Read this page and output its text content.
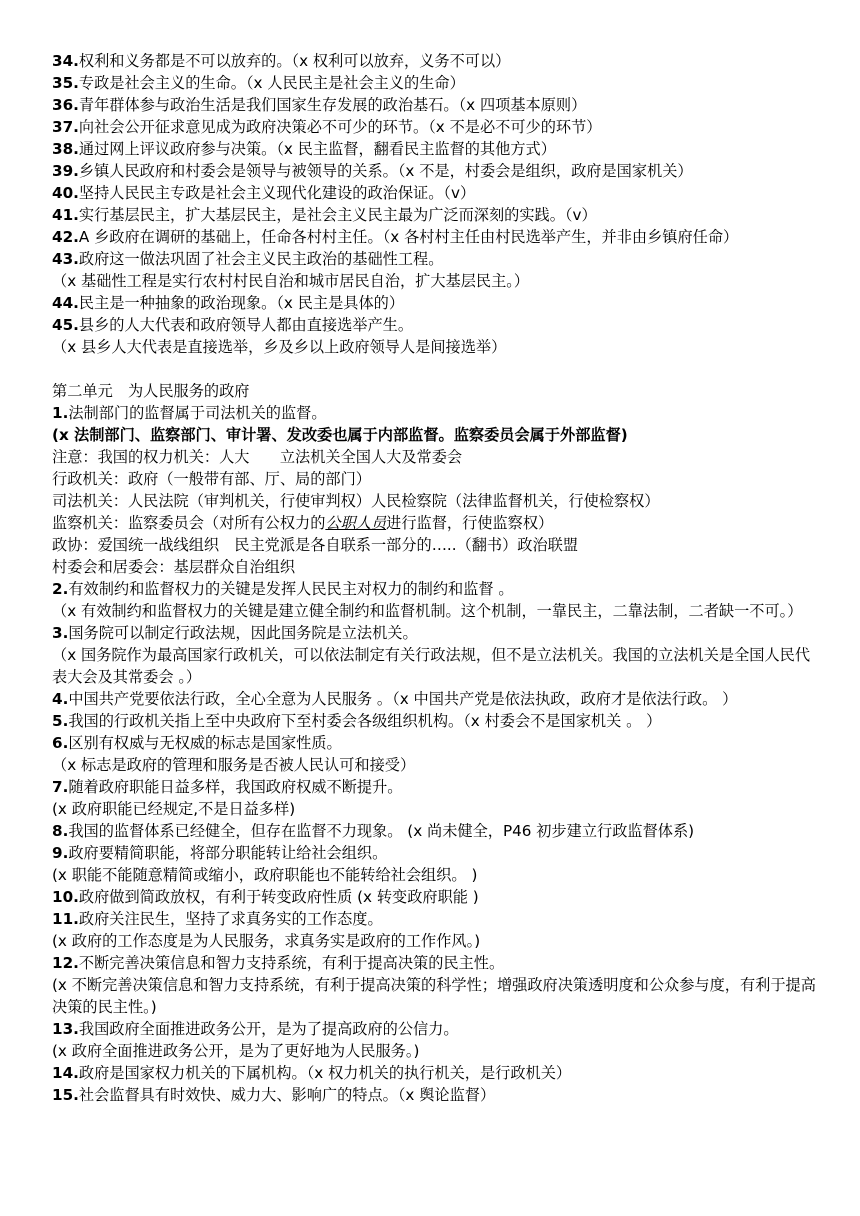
34.权利和义务都是不可以放弃的。（x 权利可以放弃，义务不可以）
35.专政是社会主义的生命。（x 人民民主是社会主义的生命）
36.青年群体参与政治生活是我们国家生存发展的政治基石。（x 四项基本原则）
37.向社会公开征求意见成为政府决策必不可少的环节。（x 不是必不可少的环节）
38.通过网上评议政府参与决策。（x 民主监督，翻看民主监督的其他方式）
39.乡镇人民政府和村委会是领导与被领导的关系。（x 不是，村委会是组织，政府是国家机关）
40.坚持人民民主专政是社会主义现代化建设的政治保证。（v）
41.实行基层民主，扩大基层民主，是社会主义民主最为广泛而深刻的实践。（v）
42.A 乡政府在调研的基础上，任命各村村主任。（x 各村村主任由村民选举产生，并非由乡镇府任命）
43.政府这一做法巩固了社会主义民主政治的基础性工程。
（x 基础性工程是实行农村村民自治和城市居民自治，扩大基层民主。）
44.民主是一种抽象的政治现象。（x 民主是具体的）
45.县乡的人大代表和政府领导人都由直接选举产生。
（x 县乡人大代表是直接选举，乡及乡以上政府领导人是间接选举）
第二单元　为人民服务的政府
1.法制部门的监督属于司法机关的监督。
(x 法制部门、监察部门、审计署、发改委也属于内部监督。监察委员会属于外部监督)
注意：我国的权力机关：人大　　立法机关全国人大及常委会
行政机关：政府（一般带有部、厅、局的部门）
司法机关：人民法院（审判机关，行使审判权）人民检察院（法律监督机关，行使检察权）
监察机关：监察委员会（对所有公权力的公职人员进行监督，行使监察权）
政协：爱国统一战线组织　民主党派是各自联系一部分的…..（翻书）政治联盟
村委会和居委会：基层群众自治组织
2.有效制约和监督权力的关键是发挥人民民主对权力的制约和监督 。
（x 有效制约和监督权力的关键是建立健全制约和监督机制。这个机制，一靠民主，二靠法制，二者缺一不可。）
3.国务院可以制定行政法规，因此国务院是立法机关。
（x 国务院作为最高国家行政机关，可以依法制定有关行政法规，但不是立法机关。我国的立法机关是全国人民代表大会及其常委会 。）
4.中国共产党要依法行政，全心全意为人民服务 。（x 中国共产党是依法执政，政府才是依法行政。 ）
5.我国的行政机关指上至中央政府下至村委会各级组织机构。（x 村委会不是国家机关 。 ）
6.区别有权威与无权威的标志是国家性质。
（x 标志是政府的管理和服务是否被人民认可和接受）
7.随着政府职能日益多样，我国政府权威不断提升。
(x 政府职能已经规定,不是日益多样)
8.我国的监督体系已经健全，但存在监督不力现象。 (x 尚未健全，P46 初步建立行政监督体系)
9.政府要精简职能，将部分职能转让给社会组织。
(x 职能不能随意精简或缩小，政府职能也不能转给社会组织。 )
10.政府做到简政放权，有利于转变政府性质 (x 转变政府职能 )
11.政府关注民生，坚持了求真务实的工作态度。
(x 政府的工作态度是为人民服务，求真务实是政府的工作作风。)
12.不断完善决策信息和智力支持系统，有利于提高决策的民主性。
(x 不断完善决策信息和智力支持系统，有利于提高决策的科学性；增强政府决策透明度和公众参与度，有利于提高决策的民主性。)
13.我国政府全面推进政务公开，是为了提高政府的公信力。
(x 政府全面推进政务公开，是为了更好地为人民服务。)
14.政府是国家权力机关的下属机构。（x 权力机关的执行机关，是行政机关）
15.社会监督具有时效快、威力大、影响广的特点。（x 舆论监督）
